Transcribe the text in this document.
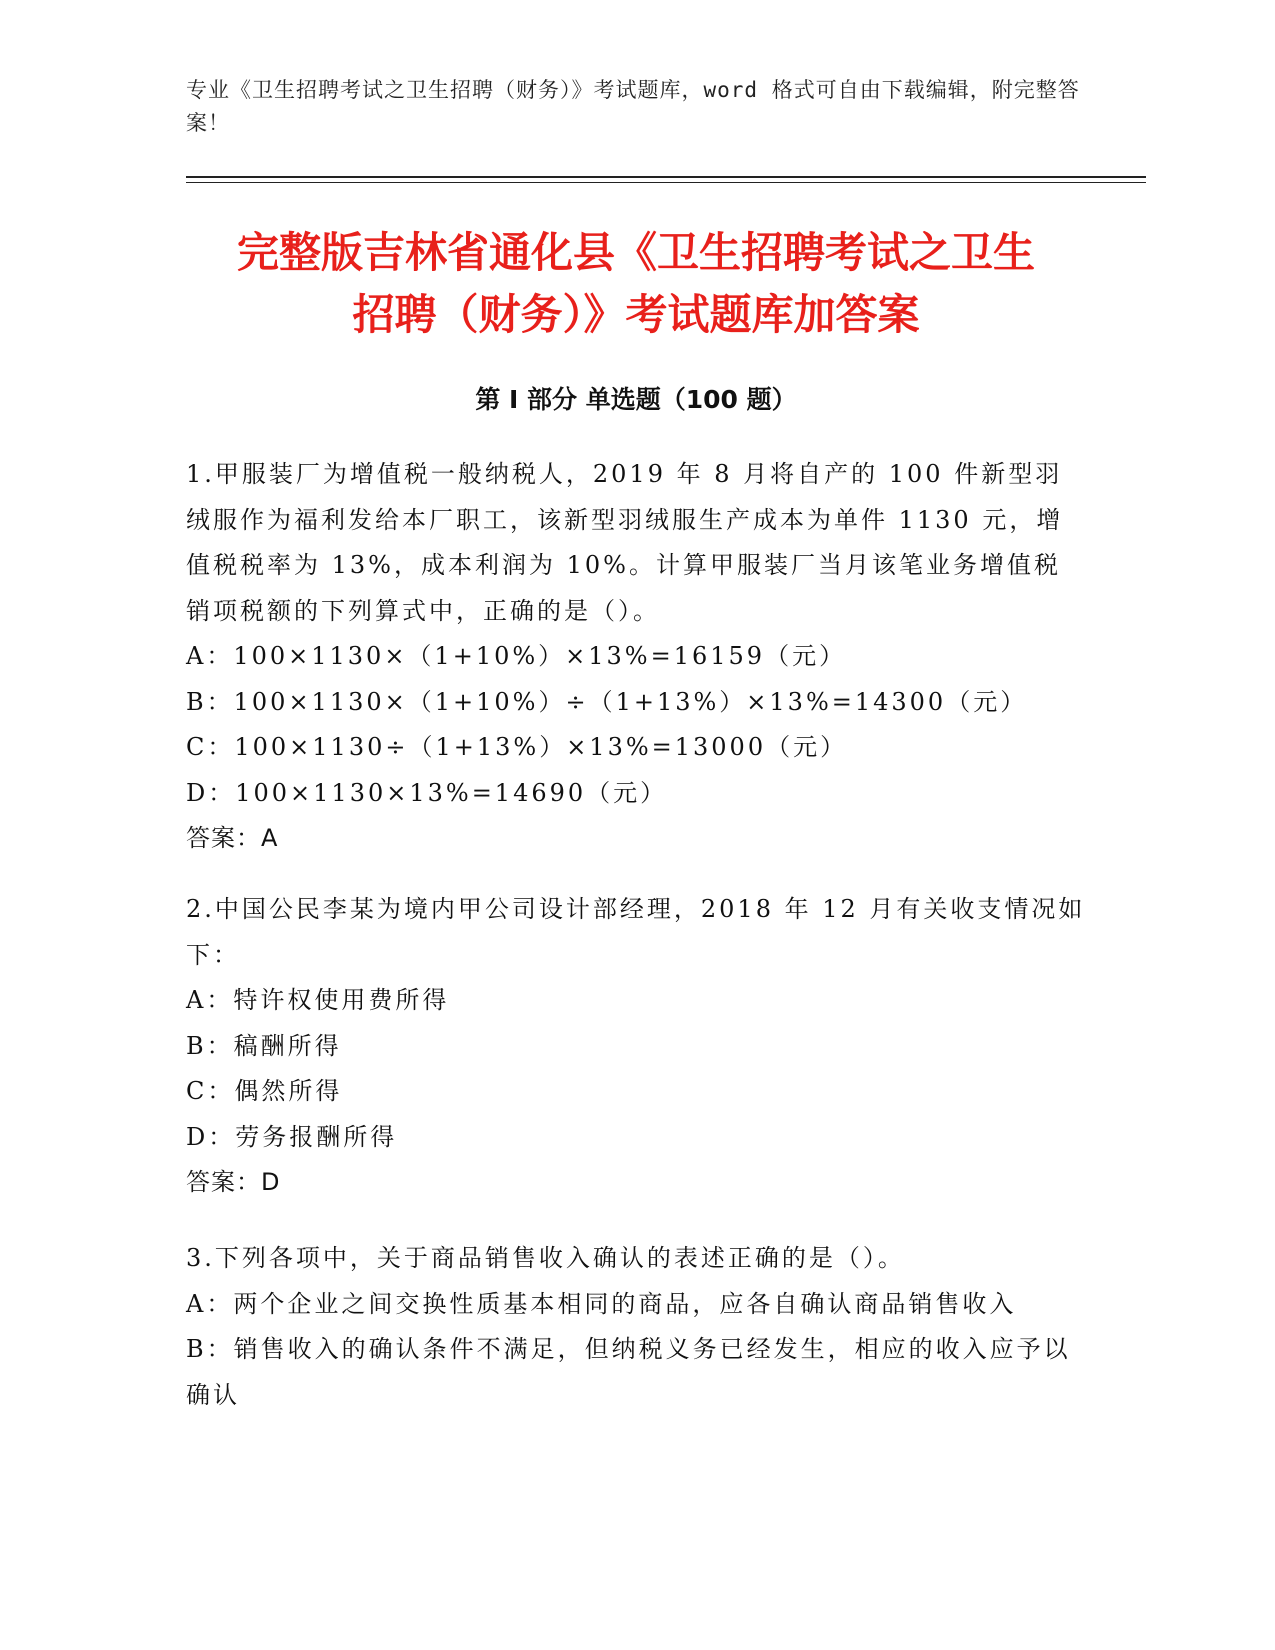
专业《卫生招聘考试之卫生招聘（财务）》考试题库，word 格式可自由下载编辑，附完整答案！
完整版吉林省通化县《卫生招聘考试之卫生
招聘（财务）》考试题库加答案
第 I 部分 单选题（100 题）
1.甲服装厂为增值税一般纳税人，2019 年 8 月将自产的 100 件新型羽绒服作为福利发给本厂职工，该新型羽绒服生产成本为单件 1130 元，增值税税率为 13%，成本利润为 10%。计算甲服装厂当月该笔业务增值税销项税额的下列算式中，正确的是（）。
A：100×1130×（1+10%）×13%=16159（元）
B：100×1130×（1+10%）÷（1+13%）×13%=14300（元）
C：100×1130÷（1+13%）×13%=13000（元）
D：100×1130×13%=14690（元）
答案：A
2.中国公民李某为境内甲公司设计部经理，2018 年 12 月有关收支情况如下：
A：特许权使用费所得
B：稿酬所得
C：偶然所得
D：劳务报酬所得
答案：D
3.下列各项中，关于商品销售收入确认的表述正确的是（）。
A：两个企业之间交换性质基本相同的商品，应各自确认商品销售收入
B：销售收入的确认条件不满足，但纳税义务已经发生，相应的收入应予以确认
